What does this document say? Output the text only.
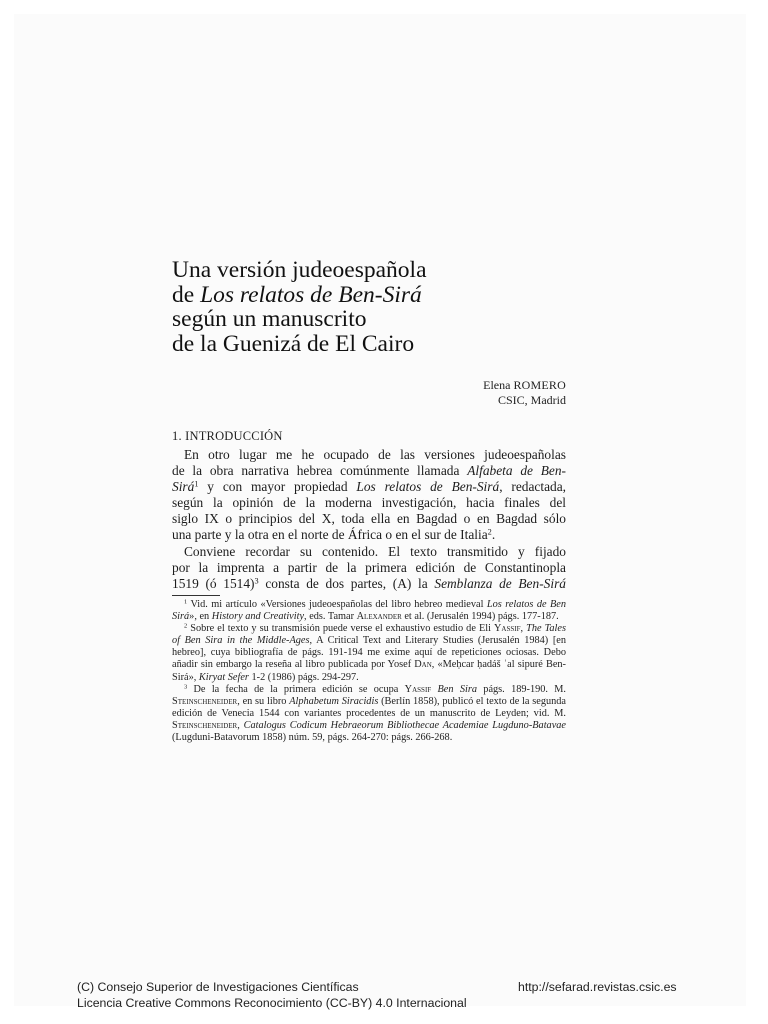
Una versión judeoespañola
de Los relatos de Ben-Sirá
según un manuscrito
de la Guenizá de El Cairo
Elena ROMERO
CSIC, Madrid
1. INTRODUCCIÓN
En otro lugar me he ocupado de las versiones judeoespañolas
de la obra narrativa hebrea comúnmente llamada Alfabeta de Ben-
Sirá$^1$ y con mayor propiedad Los relatos de Ben-Sirá, redactada,
según la opinión de la moderna investigación, hacia finales del
siglo IX o principios del X, toda ella en Bagdad o en Bagdad sólo
una parte y la otra en el norte de África o en el sur de Italia$^2$.
Conviene recordar su contenido. El texto transmitido y fijado
por la imprenta a partir de la primera edición de Constantinopla
1519 (ó 1514)$^3$ consta de dos partes, (A) la Semblanza de Ben-Sirá
$^1$ Vid. mi artículo «Versiones judeoespañolas del libro hebreo medieval Los relatos de Ben Sirá», en History and Creativity, eds. Tamar Alexander et al. (Jerusalén 1994) págs. 177-187.
$^2$ Sobre el texto y su transmisión puede verse el exhaustivo estudio de Eli Yassif, The Tales of Ben Sira in the Middle-Ages, A Critical Text and Literary Studies (Jerusalén 1984) [en hebreo], cuya bibliografía de págs. 191-194 me exime aquí de repeticiones ociosas. Debo añadir sin embargo la reseña al libro publicada por Yosef Dan, «Meḥcar ḥadáš ʿal sipuré Ben-Sirá», Kiryat Sefer 1-2 (1986) págs. 294-297.
$^3$ De la fecha de la primera edición se ocupa Yassif Ben Sira págs. 189-190. M. Steinscheneider, en su libro Alphabetum Siracidis (Berlín 1858), publicó el texto de la segunda edición de Venecia 1544 con variantes procedentes de un manuscrito de Leyden; vid. M. Steinscheneider, Catalogus Codicum Hebraeorum Bibliothecae Academiae Lugduno-Batavae (Lugduni-Batavorum 1858) núm. 59, págs. 264-270: págs. 266-268.
(C) Consejo Superior de Investigaciones Científicas
Licencia Creative Commons Reconocimiento (CC-BY) 4.0 Internacional
http://sefarad.revistas.csic.es
